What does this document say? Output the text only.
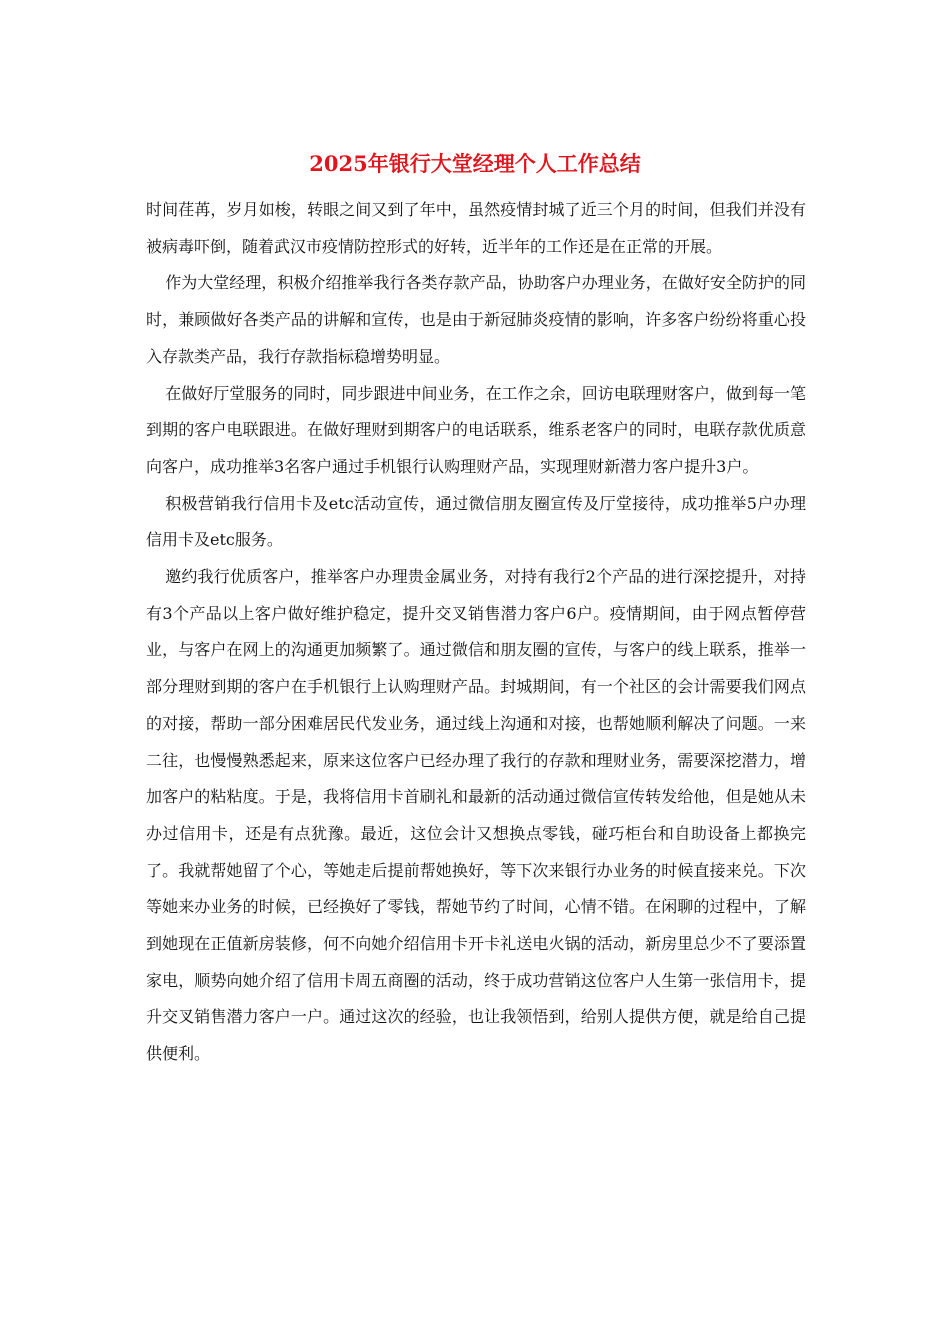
2025年银行大堂经理个人工作总结

时间荏苒，岁月如梭，转眼之间又到了年中，虽然疫情封城了近三个月的时间，但我们并没有被病毒吓倒，随着武汉市疫情防控形式的好转，近半年的工作还是在正常的开展。

作为大堂经理，积极介绍推举我行各类存款产品，协助客户办理业务，在做好安全防护的同时，兼顾做好各类产品的讲解和宣传，也是由于新冠肺炎疫情的影响，许多客户纷纷将重心投入存款类产品，我行存款指标稳增势明显。

在做好厅堂服务的同时，同步跟进中间业务，在工作之余，回访电联理财客户，做到每一笔到期的客户电联跟进。在做好理财到期客户的电话联系，维系老客户的同时，电联存款优质意向客户，成功推举3名客户通过手机银行认购理财产品，实现理财新潜力客户提升3户。

积极营销我行信用卡及etc活动宣传，通过微信朋友圈宣传及厅堂接待，成功推举5户办理信用卡及etc服务。

邀约我行优质客户，推举客户办理贵金属业务，对持有我行2个产品的进行深挖提升，对持有3个产品以上客户做好维护稳定，提升交叉销售潜力客户6户。疫情期间，由于网点暂停营业，与客户在网上的沟通更加频繁了。通过微信和朋友圈的宣传，与客户的线上联系，推举一部分理财到期的客户在手机银行上认购理财产品。封城期间，有一个社区的会计需要我们网点的对接，帮助一部分困难居民代发业务，通过线上沟通和对接，也帮她顺利解决了问题。一来二往，也慢慢熟悉起来，原来这位客户已经办理了我行的存款和理财业务，需要深挖潜力，增加客户的粘粘度。于是，我将信用卡首刷礼和最新的活动通过微信宣传转发给他，但是她从未办过信用卡，还是有点犹豫。最近，这位会计又想换点零钱，碰巧柜台和自助设备上都换完了。我就帮她留了个心，等她走后提前帮她换好，等下次来银行办业务的时候直接来兑。下次等她来办业务的时候，已经换好了零钱，帮她节约了时间，心情不错。在闲聊的过程中，了解到她现在正值新房装修，何不向她介绍信用卡开卡礼送电火锅的活动，新房里总少不了要添置家电，顺势向她介绍了信用卡周五商圈的活动，终于成功营销这位客户人生第一张信用卡，提升交叉销售潜力客户一户。通过这次的经验，也让我领悟到，给别人提供方便，就是给自己提供便利。
